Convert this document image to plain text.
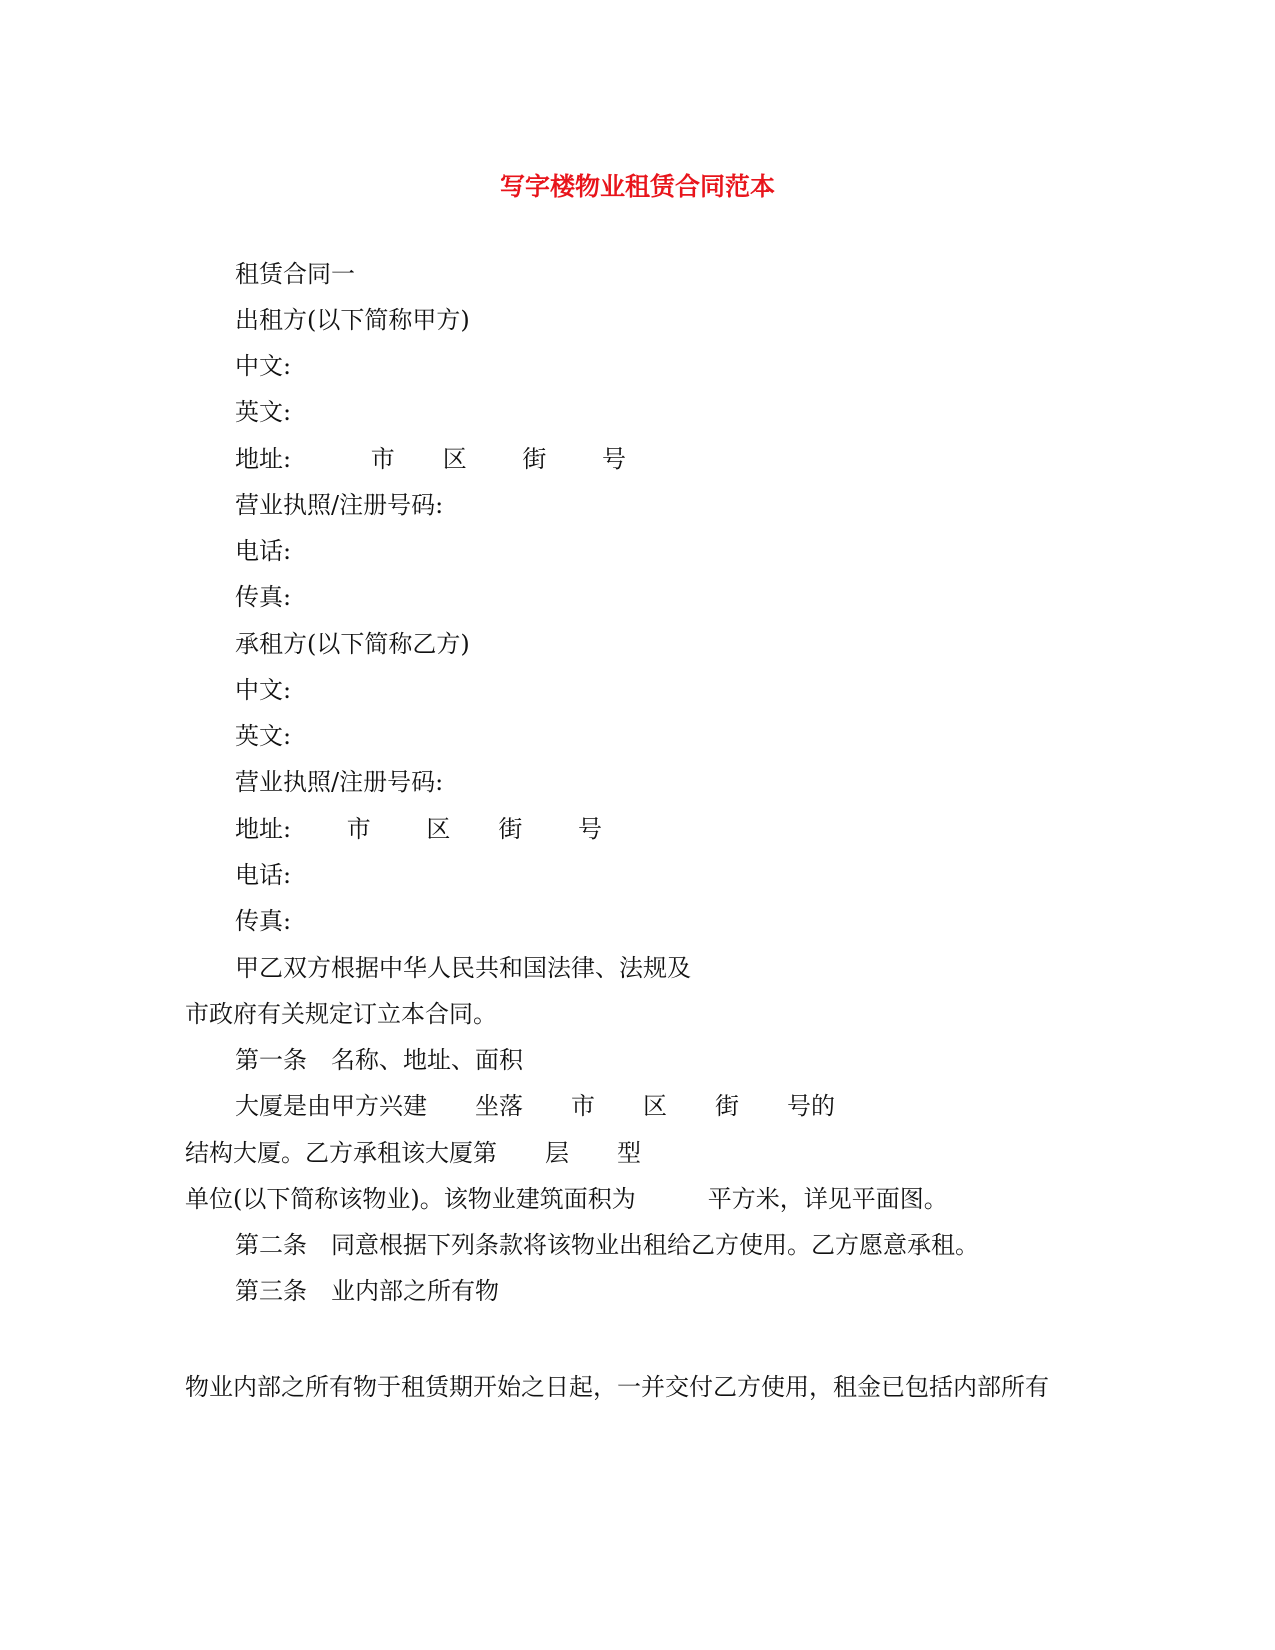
写字楼物业租赁合同范本
租赁合同一
出租方(以下简称甲方)
中文:
英文:
地址:　　 　市　　区　　 街　　 号
营业执照/注册号码:
电话:
传真:
承租方(以下简称乙方)
中文:
英文:
营业执照/注册号码:
地址:　　 市　　 区　　街　　 号
电话:
传真:
甲乙双方根据中华人民共和国法律、法规及
市政府有关规定订立本合同。
第一条　名称、地址、面积
大厦是由甲方兴建　　坐落　　市　　区　　街　　号的
结构大厦。乙方承租该大厦第　　层　　型
单位(以下简称该物业)。该物业建筑面积为　　　平方米，详见平面图。
第二条　同意根据下列条款将该物业出租给乙方使用。乙方愿意承租。
第三条　业内部之所有物
物业内部之所有物于租赁期开始之日起，一并交付乙方使用，租金已包括内部所有
